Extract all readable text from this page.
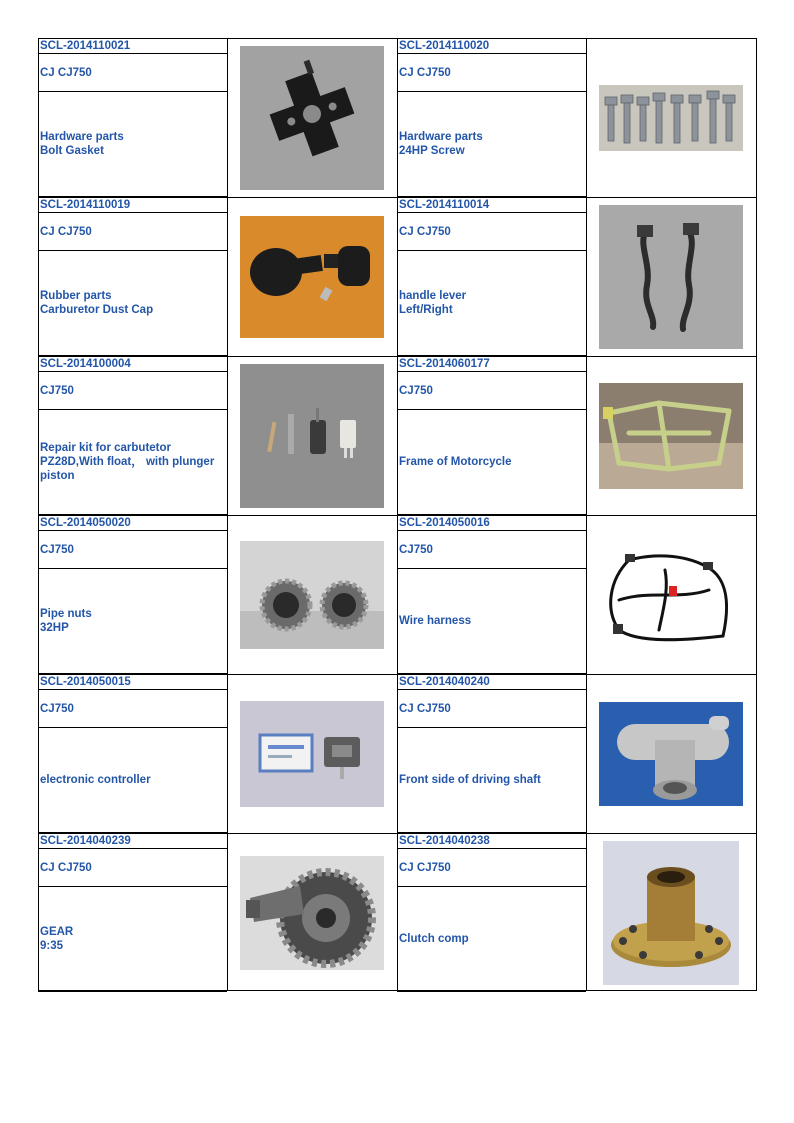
SCL-2014110021
CJ CJ750
Hardware parts
Bolt Gasket
SCL-2014110020
CJ CJ750
Hardware parts
24HP Screw
SCL-2014110019
CJ CJ750
Rubber parts
Carburetor Dust Cap
SCL-2014110014
CJ CJ750
handle lever
Left/Right
SCL-2014100004
CJ750
Repair kit for carbutetor
PZ28D,With float， with plunger
piston
SCL-2014060177
CJ750
Frame of Motorcycle
SCL-2014050020
CJ750
Pipe nuts
32HP
SCL-2014050016
CJ750
Wire harness
SCL-2014050015
CJ750
electronic controller
SCL-2014040240
CJ CJ750
Front side of driving shaft
SCL-2014040239
CJ CJ750
GEAR
9:35
SCL-2014040238
CJ CJ750
Clutch comp
